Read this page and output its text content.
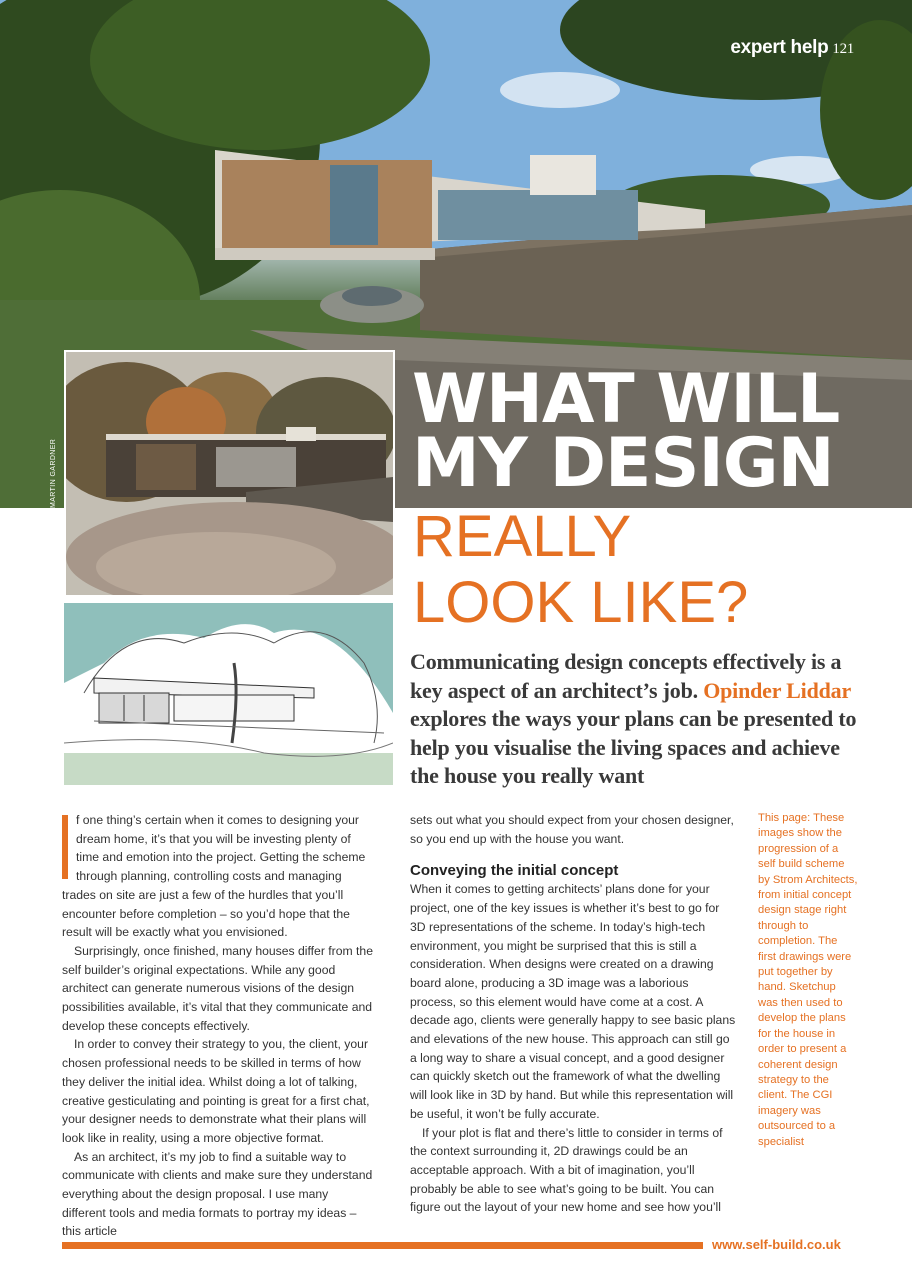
expert help 121
MARTIN GARDNER
WHAT WILL
MY DESIGN
REALLY
LOOK LIKE?
Communicating design concepts effectively is a key aspect of an architect’s job. Opinder Liddar explores the ways your plans can be presented to help you visualise the living spaces and achieve the house you really want

f one thing’s certain when it comes to designing your dream home, it’s that you will be investing plenty of time and emotion into the project. Getting the scheme through planning, controlling costs and managing trades on site are just a few of the hurdles that you’ll encounter before completion – so you’d hope that the result will be exactly what you envisioned.

Surprisingly, once finished, many houses differ from the self builder’s original expectations. While any good architect can generate numerous visions of the design possibilities available, it’s vital that they communicate and develop these concepts effectively.

In order to convey their strategy to you, the client, your chosen professional needs to be skilled in terms of how they deliver the initial idea. Whilst doing a lot of talking, creative gesticulating and pointing is great for a first chat, your designer needs to demonstrate what their plans will look like in reality, using a more objective format.

As an architect, it’s my job to find a suitable way to communicate with clients and make sure they understand everything about the design proposal. I use many different tools and media formats to portray my ideas – this article

sets out what you should expect from your chosen designer, so you end up with the house you want.

Conveying the initial concept

When it comes to getting architects’ plans done for your project, one of the key issues is whether it’s best to go for 3D representations of the scheme. In today’s high-tech environment, you might be surprised that this is still a consideration. When designs were created on a drawing board alone, producing a 3D image was a laborious process, so this element would have come at a cost. A decade ago, clients were generally happy to see basic plans and elevations of the new house. This approach can still go a long way to share a visual concept, and a good designer can quickly sketch out the framework of what the dwelling will look like in 3D by hand. But while this representation will be useful, it won’t be fully accurate.

If your plot is flat and there’s little to consider in terms of the context surrounding it, 2D drawings could be an acceptable approach. With a bit of imagination, you’ll probably be able to see what’s going to be built. You can figure out the layout of your new home and see how you’ll

This page: These images show the progression of a self build scheme by Strom Architects, from initial concept design stage right through to completion. The first drawings were put together by hand. Sketchup was then used to develop the plans for the house in order to present a coherent design strategy to the client. The CGI imagery was outsourced to a specialist
www.self-build.co.uk
